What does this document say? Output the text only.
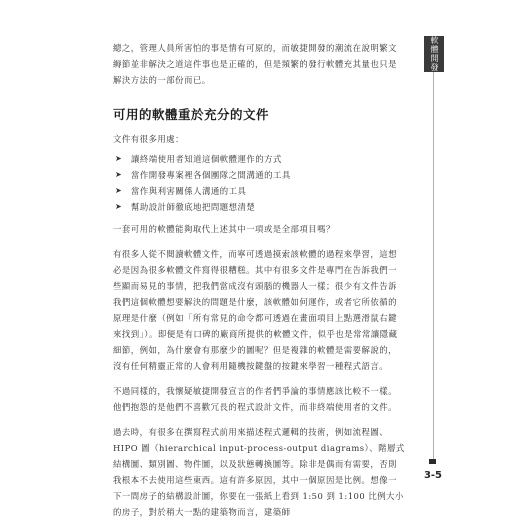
軟體開發
3-5

總之，管理人員所害怕的事是情有可原的，而敏捷開發的潮流在說明繁文縟節並非解決之道這件事也是正確的，但是頻繁的發行軟體充其量也只是解決方法的一部份而已。

可用的軟體重於充分的文件

文件有很多用處：

➤ 讓終端使用者知道這個軟體運作的方式
➤ 當作開發專案裡各個團隊之間溝通的工具
➤ 當作與利害關係人溝通的工具
➤ 幫助設計師徹底地把問題想清楚

一套可用的軟體能夠取代上述其中一項或是全部項目嗎？

有很多人從不閱讀軟體文件，而寧可透過摸索該軟體的過程來學習，這想必是因為很多軟體文件寫得很糟糕。其中有很多文件是專門在告訴我們一些顯而易見的事情，把我們當成沒有頭腦的機器人一樣；很少有文件告訴我們這個軟體想要解決的問題是什麼，該軟體如何運作，或者它所依循的原理是什麼（例如「所有常見的命令都可透過在畫面項目上點選滑鼠右鍵來找到」）。即便是有口碑的廠商所提供的軟體文件，似乎也是常常讓隱藏細節，例如，為什麼會有那麼少的圖呢？但是複雜的軟體是需要解說的，沒有任何精靈正常的人會利用隨機按鍵盤的按鍵來學習一種程式語言。

不過同樣的，我懷疑敏捷開發宣言的作者們爭論的事情應該比較不一樣。他們抱怨的是他們不喜歡冗長的程式設計文件，而非終端使用者的文件。

過去時，有很多在撰寫程式前用來描述程式邏輯的技術，例如流程圖、HIPO 圖（hierarchical input-process-output diagrams）、階層式結構圖、類別圖、物件圖，以及狀態轉換圖等。除非是偶而有需要，否則我根本不去使用這些東西。這有許多原因，其中一個原因是比例。想像一下一間房子的結構設計圖，你要在一張紙上看到 1:50 到 1:100 比例大小的房子，對於稍大一點的建築物而言，建築師
